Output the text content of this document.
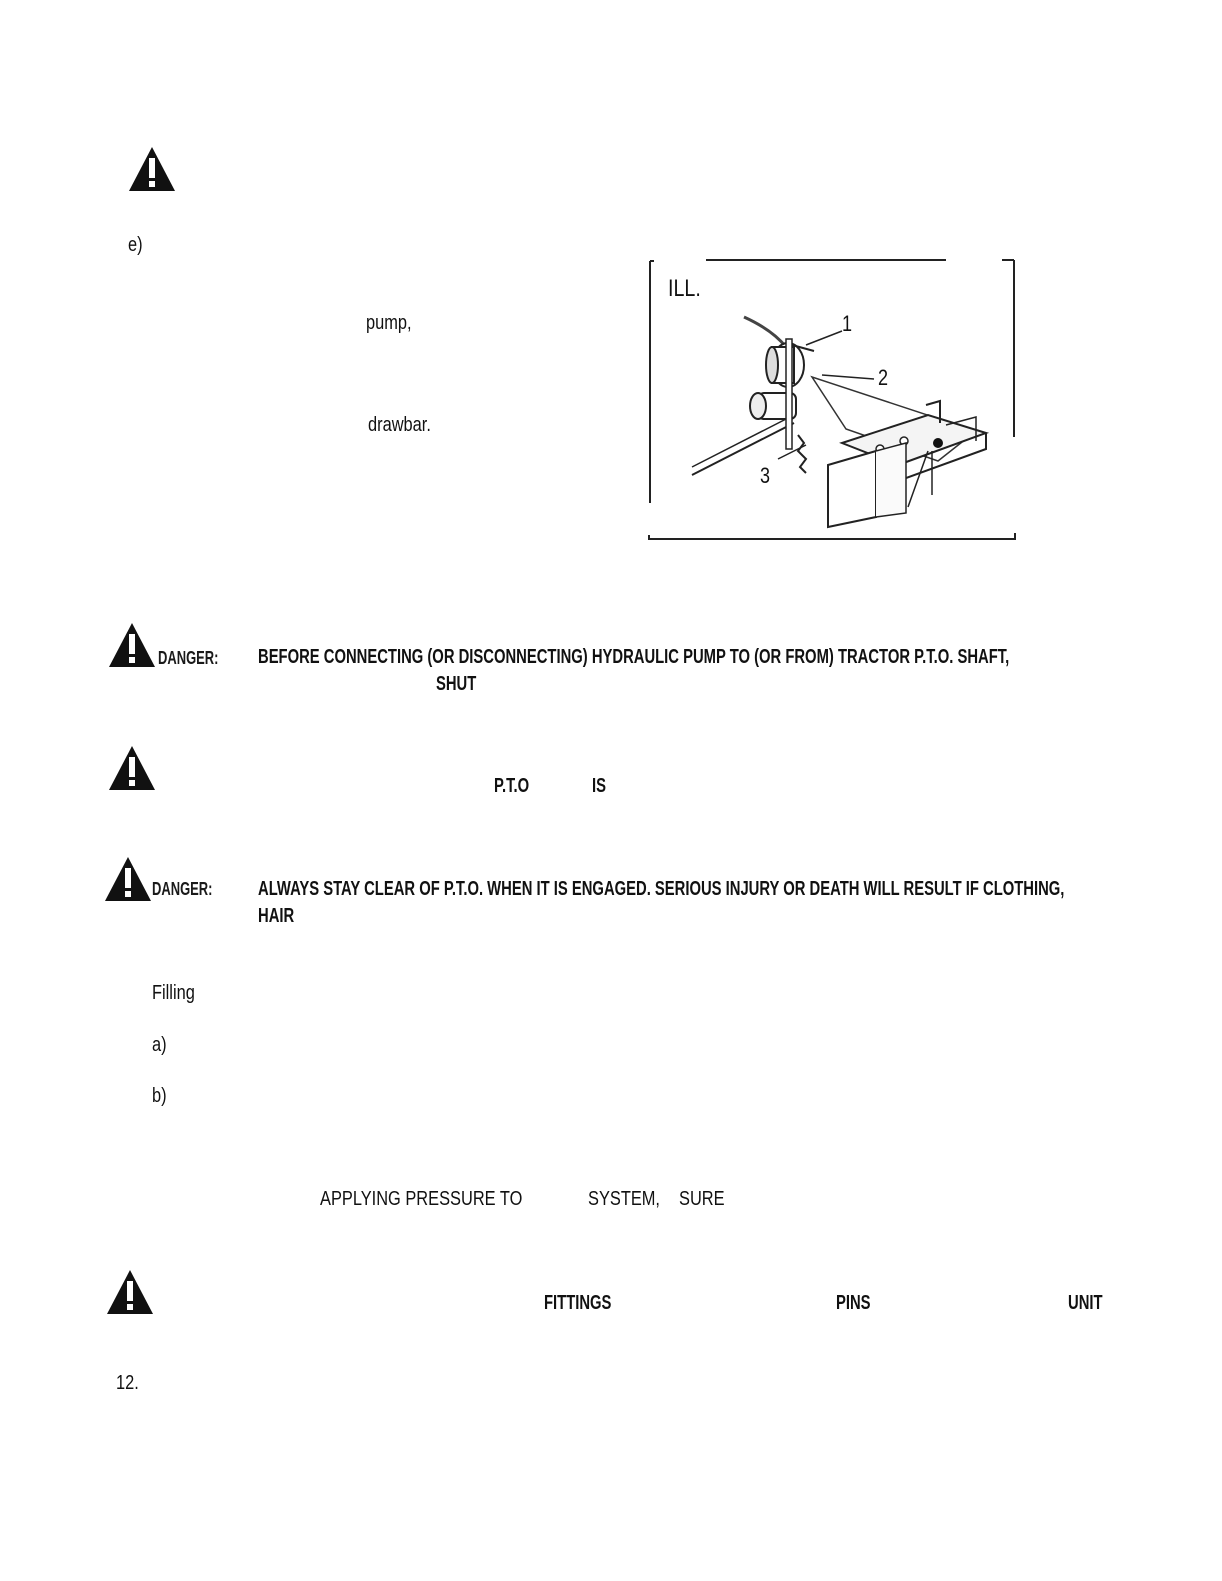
e)
pump,
drawbar.
ILL.
1
2
3
DANGER: BEFORE CONNECTING (OR DISCONNECTING) HYDRAULIC PUMP TO (OR FROM) TRACTOR P.T.O. SHAFT,
SHUT
P.T.O	IS
DANGER: ALWAYS STAY CLEAR OF P.T.O. WHEN IT IS ENGAGED. SERIOUS INJURY OR DEATH WILL RESULT IF CLOTHING,
HAIR
Filling
a)
b)
APPLYING PRESSURE TO	SYSTEM, SURE
FITTINGS	PINS	UNIT
12.
